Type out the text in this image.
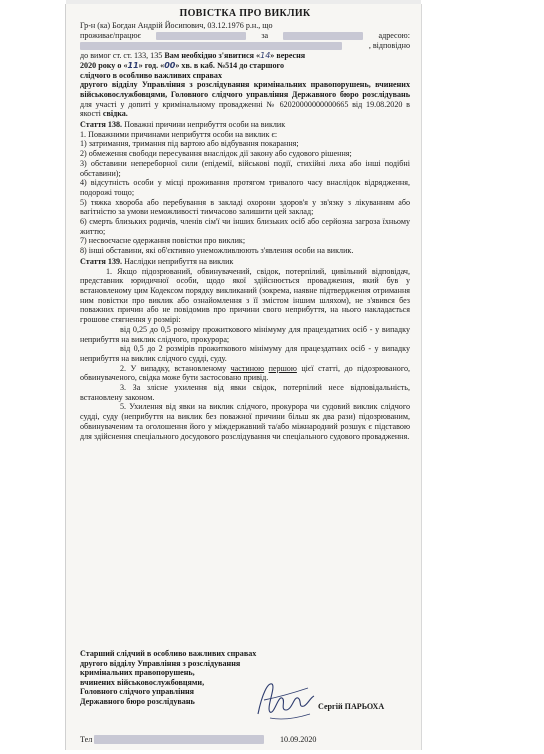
ПОВІСТКА ПРО ВИКЛИК

Гр-н (ка) Богдан Андрій Йосипович, 03.12.1976 р.н., що

проживає/працює	за	адресою:

, відповідно

до вимог ст. ст. 133, 135 Вам необхідно з'явитися «14» вересня

2020 року о «11» год. «00» хв. в каб. №514 до старшого

слідчого в особливо важливих справах

другого відділу Управління з розслідування кримінальних правопорушень, вчинених військовослужбовцями, Головного слідчого управління Державного бюро розслідувань для участі у допиті у кримінальному провадженні № 62020000000000665 від 19.08.2020 в якості свідка.

Стаття 138. Поважні причини неприбуття особи на виклик

1. Поважними причинами неприбуття особи на виклик є:

1) затримання, тримання під вартою або відбування покарання;

2) обмеження свободи пересування внаслідок дії закону або судового рішення;

3) обставини непереборної сили (епідемії, військові події, стихійні лиха або інші подібні обставини);

4) відсутність особи у місці проживання протягом тривалого часу внаслідок відрядження, подорожі тощо;

5) тяжка хвороба або перебування в закладі охорони здоров'я у зв'язку з лікуванням або вагітністю за умови неможливості тимчасово залишити цей заклад;

6) смерть близьких родичів, членів сім'ї чи інших близьких осіб або серйозна загроза їхньому життю;

7) несвоєчасне одержання повістки про виклик;

8) інші обставини, які об'єктивно унеможливлюють з'явлення особи на виклик.

Стаття 139. Наслідки неприбуття на виклик

1. Якщо підозрюваний, обвинувачений, свідок, потерпілий, цивільний відповідач, представник юридичної особи, щодо якої здійснюється провадження, який був у встановленому цим Кодексом порядку викликаний (зокрема, наявне підтвердження отримання ним повістки про виклик або ознайомлення з її змістом іншим шляхом), не з'явився без поважних причин або не повідомив про причини свого неприбуття, на нього накладається грошове стягнення у розмірі:

від 0,25 до 0,5 розміру прожиткового мінімуму для працездатних осіб - у випадку неприбуття на виклик слідчого, прокурора;

від 0,5 до 2 розмірів прожиткового мінімуму для працездатних осіб - у випадку неприбуття на виклик слідчого судді, суду.

2. У випадку, встановленому частиною першою цієї статті, до підозрюваного, обвинуваченого, свідка може бути застосовано привід.

3. За злісне ухилення від явки свідок, потерпілий несе відповідальність, встановлену законом.

5. Ухилення від явки на виклик слідчого, прокурора чи судовий виклик слідчого судді, суду (неприбуття на виклик без поважної причини більш як два рази) підозрюваним, обвинуваченим та оголошення його у міждержавний та/або міжнародний розшук є підставою для здійснення спеціального досудового розслідування чи спеціального судового провадження.

Старший слідчий в особливо важливих справах
другого відділу Управління з розслідування
кримінальних правопорушень,
вчинених військовослужбовцями,
Головного слідчого управління
Державного бюро розслідувань
Сергій ПАРЬОХА
Тел	10.09.2020
